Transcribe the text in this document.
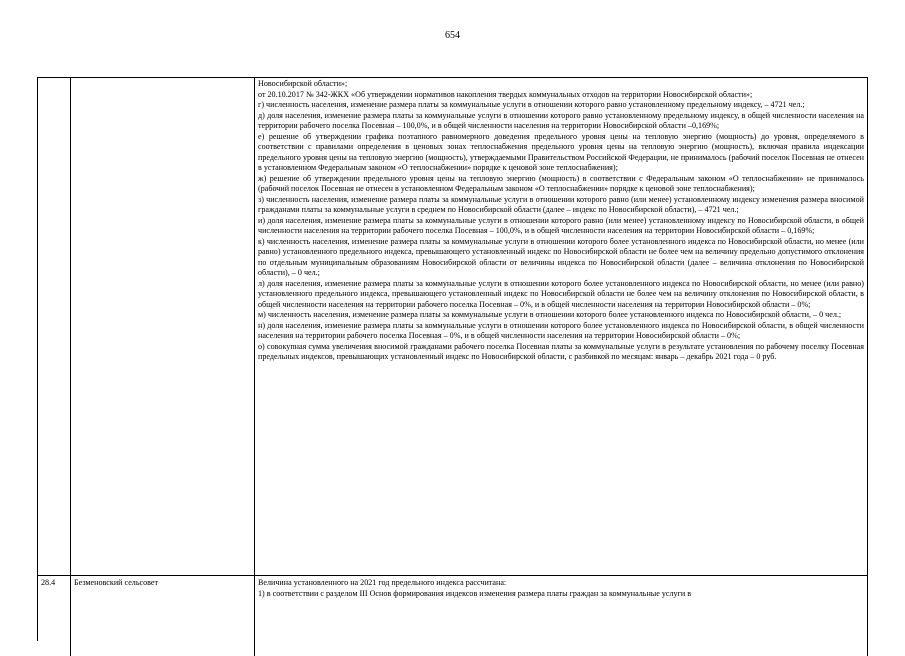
654
Новосибирской области»;
от 20.10.2017 № 342-ЖКХ «Об утверждении нормативов накопления твердых коммунальных отходов на территории Новосибирской области»;
г) численность населения, изменение размера платы за коммунальные услуги в отношении которого равно установленному предельному индексу, – 4721 чел.;
д) доля населения, изменение размера платы за коммунальные услуги в отношении которого равно установленному предельному индексу, в общей численности населения на территории рабочего поселка Посевная – 100,0%, и в общей численности населения на территории Новосибирской области –0,169%;
е) решение об утверждении графика поэтапного равномерного доведения предельного уровня цены на тепловую энергию (мощность) до уровня, определяемого в соответствии с правилами определения в ценовых зонах теплоснабжения предельного уровня цены на тепловую энергию (мощность), включая правила индексации предельного уровня цены на тепловую энергию (мощность), утверждаемыми Правительством Российской Федерации, не принималось (рабочий поселок Посевная не отнесен в установленном Федеральным законом «О теплоснабжении» порядке к ценовой зоне теплоснабжения);
ж) решение об утверждении предельного уровня цены на тепловую энергию (мощность) в соответствии с Федеральным законом «О теплоснабжении» не принималось (рабочий поселок Посевная не отнесен в установленном Федеральным законом «О теплоснабжении» порядке к ценовой зоне теплоснабжения);
з) численность населения, изменение размера платы за коммунальные услуги в отношении которого равно (или менее) установленному индексу изменения размера вносимой гражданами платы за коммунальные услуги в среднем по Новосибирской области (далее – индекс по Новосибирской области), – 4721 чел.;
и) доля населения, изменение размера платы за коммунальные услуги в отношении которого равно (или менее) установленному индексу по Новосибирской области, в общей численности населения на территории рабочего поселка Посевная – 100,0%, и в общей численности населения на территории Новосибирской области – 0,169%;
к) численность населения, изменение размера платы за коммунальные услуги в отношении которого более установленного индекса по Новосибирской области, но менее (или равно) установленного предельного индекса, превышающего установленный индекс по Новосибирской области не более чем на величину предельно допустимого отклонения по отдельным муниципальным образованиям Новосибирской области от величины индекса по Новосибирской области (далее – величина отклонения по Новосибирской области), – 0 чел.;
л) доля населения, изменение размера платы за коммунальные услуги в отношении которого более установленного индекса по Новосибирской области, но менее (или равно) установленного предельного индекса, превышающего установленный индекс по Новосибирской области не более чем на величину отклонения по Новосибирской области, в общей численности населения на территории рабочего поселка Посевная – 0%, и в общей численности населения на территории Новосибирской области – 0%;
м) численность населения, изменение размера платы за коммунальные услуги в отношении которого более установленного индекса по Новосибирской области, – 0 чел.;
н) доля населения, изменение размера платы за коммунальные услуги в отношении которого более установленного индекса по Новосибирской области, в общей численности населения на территории рабочего поселка Посевная – 0%, и в общей численности населения на территории Новосибирской области – 0%;
о) совокупная сумма увеличения вносимой гражданами рабочего поселка Посевная платы за коммунальные услуги в результате установления по рабочему поселку Посевная предельных индексов, превышающих установленный индекс по Новосибирской области, с разбивкой по месяцам: январь – декабрь 2021 года – 0 руб.
28.4	Безменовский сельсовет	Величина установленного на 2021 год предельного индекса рассчитана:
1) в соответствии с разделом III Основ формирования индексов изменения размера платы граждан за коммунальные услуги в
